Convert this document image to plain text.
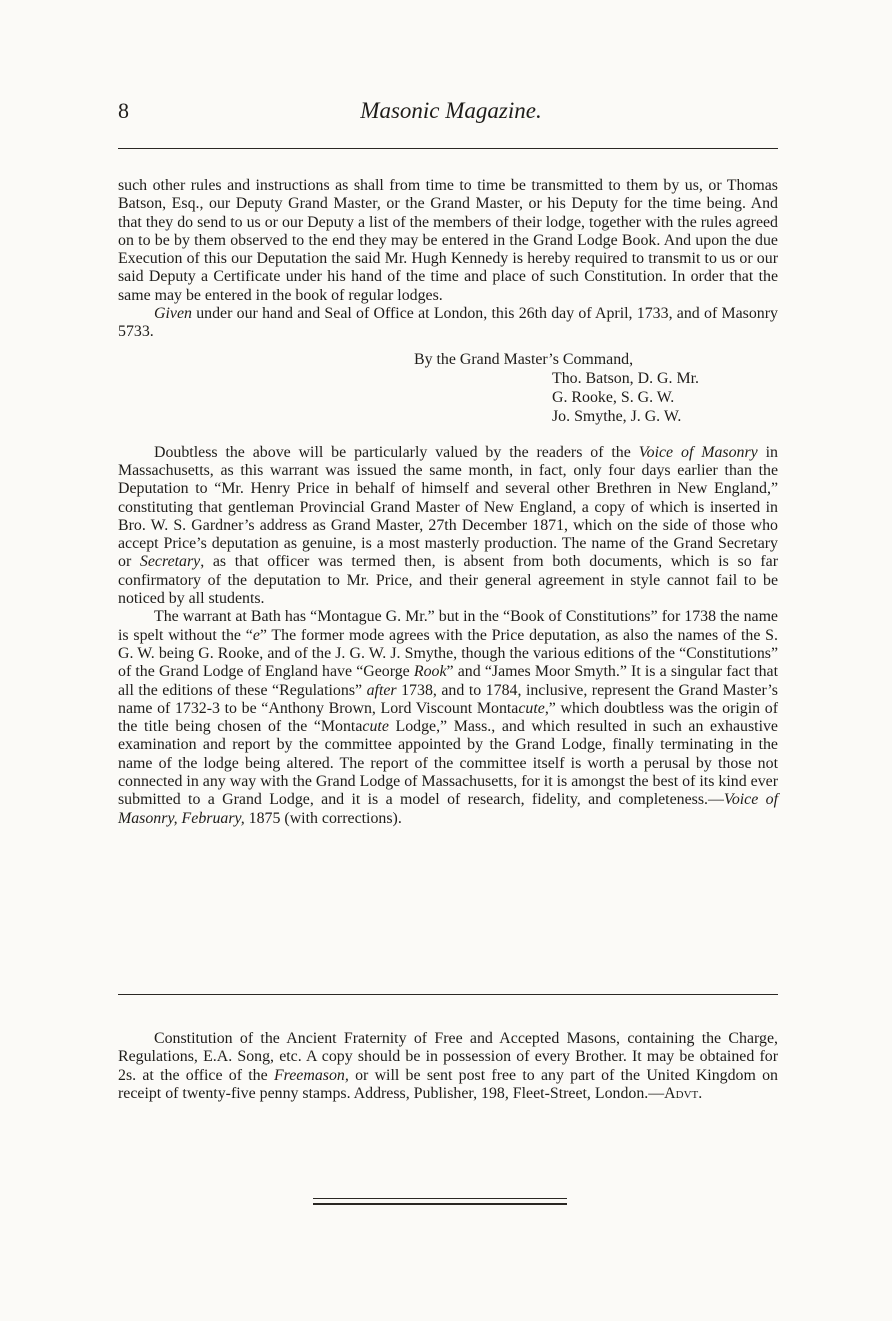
8	Masonic Magazine.

such other rules and instructions as shall from time to time be transmitted to them by us, or Thomas Batson, Esq., our Deputy Grand Master, or the Grand Master, or his Deputy for the time being. And that they do send to us or our Deputy a list of the members of their lodge, together with the rules agreed on to be by them observed to the end they may be entered in the Grand Lodge Book. And upon the due Execution of this our Deputation the said Mr. Hugh Kennedy is hereby required to transmit to us or our said Deputy a Certificate under his hand of the time and place of such Constitution. In order that the same may be entered in the book of regular lodges.

Given under our hand and Seal of Office at London, this 26th day of April, 1733, and of Masonry 5733.

By the Grand Master’s Command,
Tho. Batson, D. G. Mr.
G. Rooke, S. G. W.
Jo. Smythe, J. G. W.

Doubtless the above will be particularly valued by the readers of the Voice of Masonry in Massachusetts, as this warrant was issued the same month, in fact, only four days earlier than the Deputation to “Mr. Henry Price in behalf of himself and several other Brethren in New England,” constituting that gentleman Provincial Grand Master of New England, a copy of which is inserted in Bro. W. S. Gardner’s address as Grand Master, 27th December 1871, which on the side of those who accept Price’s deputation as genuine, is a most masterly production. The name of the Grand Secretary or Secretary, as that officer was termed then, is absent from both documents, which is so far confirmatory of the deputation to Mr. Price, and their general agreement in style cannot fail to be noticed by all students.

The warrant at Bath has “Montague G. Mr.” but in the “Book of Constitutions” for 1738 the name is spelt without the “e” The former mode agrees with the Price deputation, as also the names of the S. G. W. being G. Rooke, and of the J. G. W. J. Smythe, though the various editions of the “Constitutions” of the Grand Lodge of England have “George Rook” and “James Moor Smyth.” It is a singular fact that all the editions of these “Regulations” after 1738, and to 1784, inclusive, represent the Grand Master’s name of 1732-3 to be “Anthony Brown, Lord Viscount Montacute,” which doubtless was the origin of the title being chosen of the “Montacute Lodge,” Mass., and which resulted in such an exhaustive examination and report by the committee appointed by the Grand Lodge, finally terminating in the name of the lodge being altered. The report of the committee itself is worth a perusal by those not connected in any way with the Grand Lodge of Massachusetts, for it is amongst the best of its kind ever submitted to a Grand Lodge, and it is a model of research, fidelity, and completeness.—Voice of Masonry, February, 1875 (with corrections).

Constitution of the Ancient Fraternity of Free and Accepted Masons, containing the Charge, Regulations, E.A. Song, etc. A copy should be in possession of every Brother. It may be obtained for 2s. at the office of the Freemason, or will be sent post free to any part of the United Kingdom on receipt of twenty-five penny stamps. Address, Publisher, 198, Fleet-Street, London.—Advt.
